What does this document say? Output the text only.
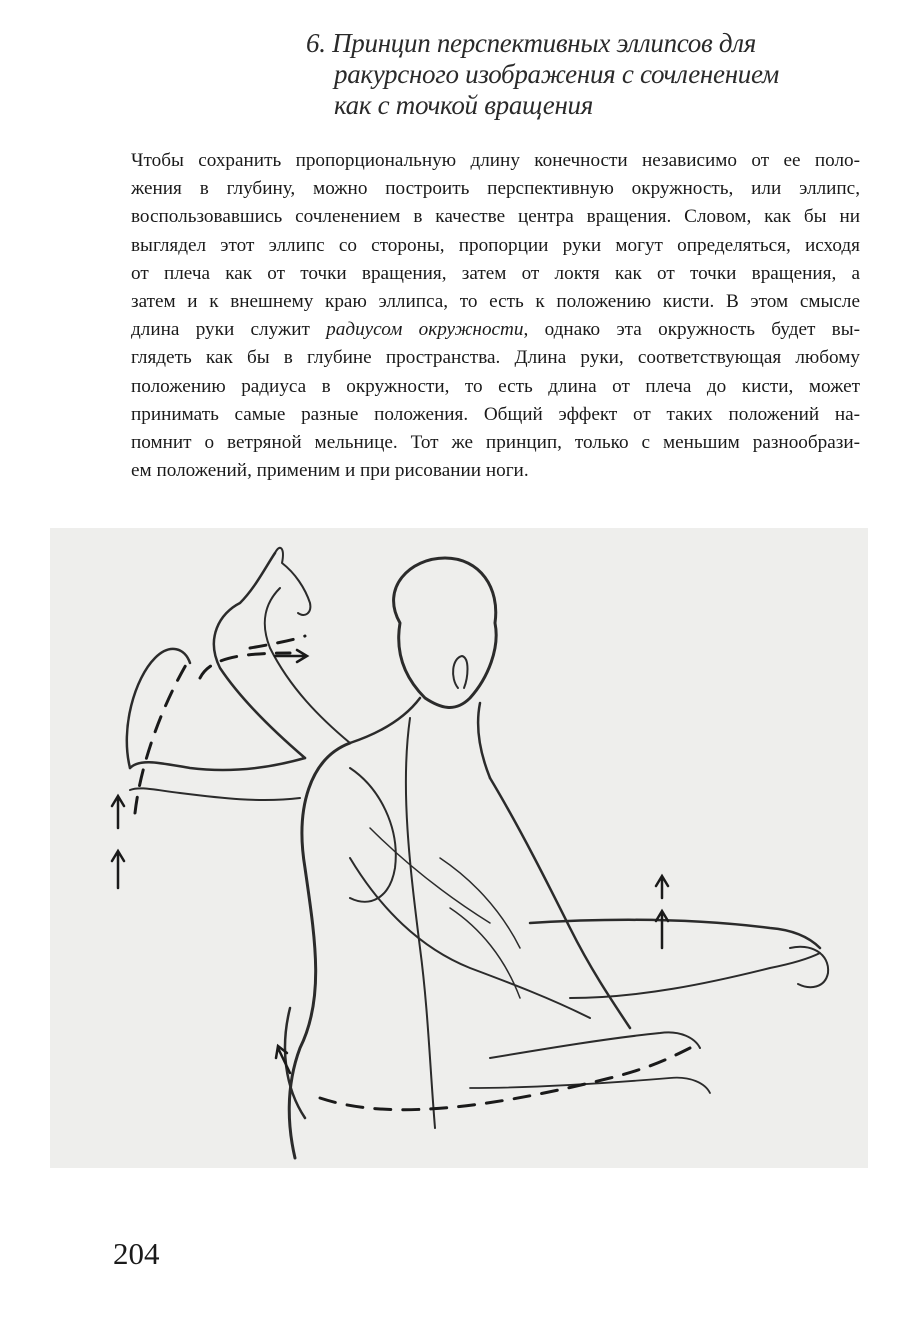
6. Принцип перспективных эллипсов для
ракурсного изображения с сочленением
как с точкой вращения
Чтобы сохранить пропорциональную длину конечности независимо от ее поло-
жения в глубину, можно построить перспективную окружность, или эллипс,
воспользовавшись сочленением в качестве центра вращения. Словом, как бы ни
выглядел этот эллипс со стороны, пропорции руки могут определяться, исходя
от плеча как от точки вращения, затем от локтя как от точки вращения, а
затем и к внешнему краю эллипса, то есть к положению кисти. В этом смысле
длина руки служит радиусом окружности, однако эта окружность будет вы-
глядеть как бы в глубине пространства. Длина руки, соответствующая любому
положению радиуса в окружности, то есть длина от плеча до кисти, может
принимать самые разные положения. Общий эффект от таких положений на-
помнит о ветряной мельнице. Тот же принцип, только с меньшим разнообрази-
ем положений, применим и при рисовании ноги.
204
